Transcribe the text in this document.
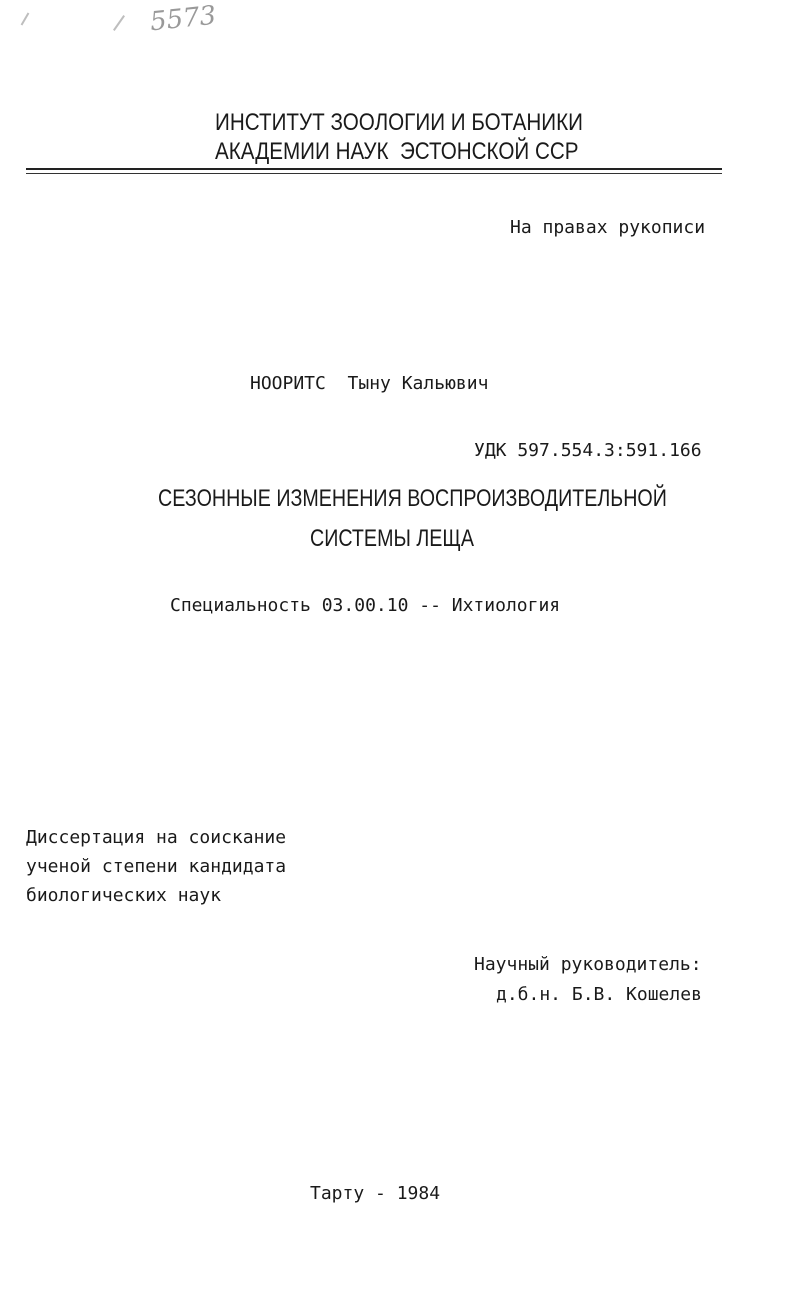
5573
ИНСТИТУТ ЗООЛОГИИ И БОТАНИКИ
АКАДЕМИИ НАУК  ЭСТОНСКОЙ ССР
На правах рукописи
НООРИТС  Тыну Кальювич
УДК 597.554.3:591.166
СЕЗОННЫЕ ИЗМЕНЕНИЯ ВОСПРОИЗВОДИТЕЛЬНОЙ
СИСТЕМЫ ЛЕЩА
Специальность 03.00.10 -- Ихтиология
Диссертация на соискание
ученой степени кандидата
биологических наук
Научный руководитель:
д.б.н. Б.В. Кошелев
Тарту - 1984
